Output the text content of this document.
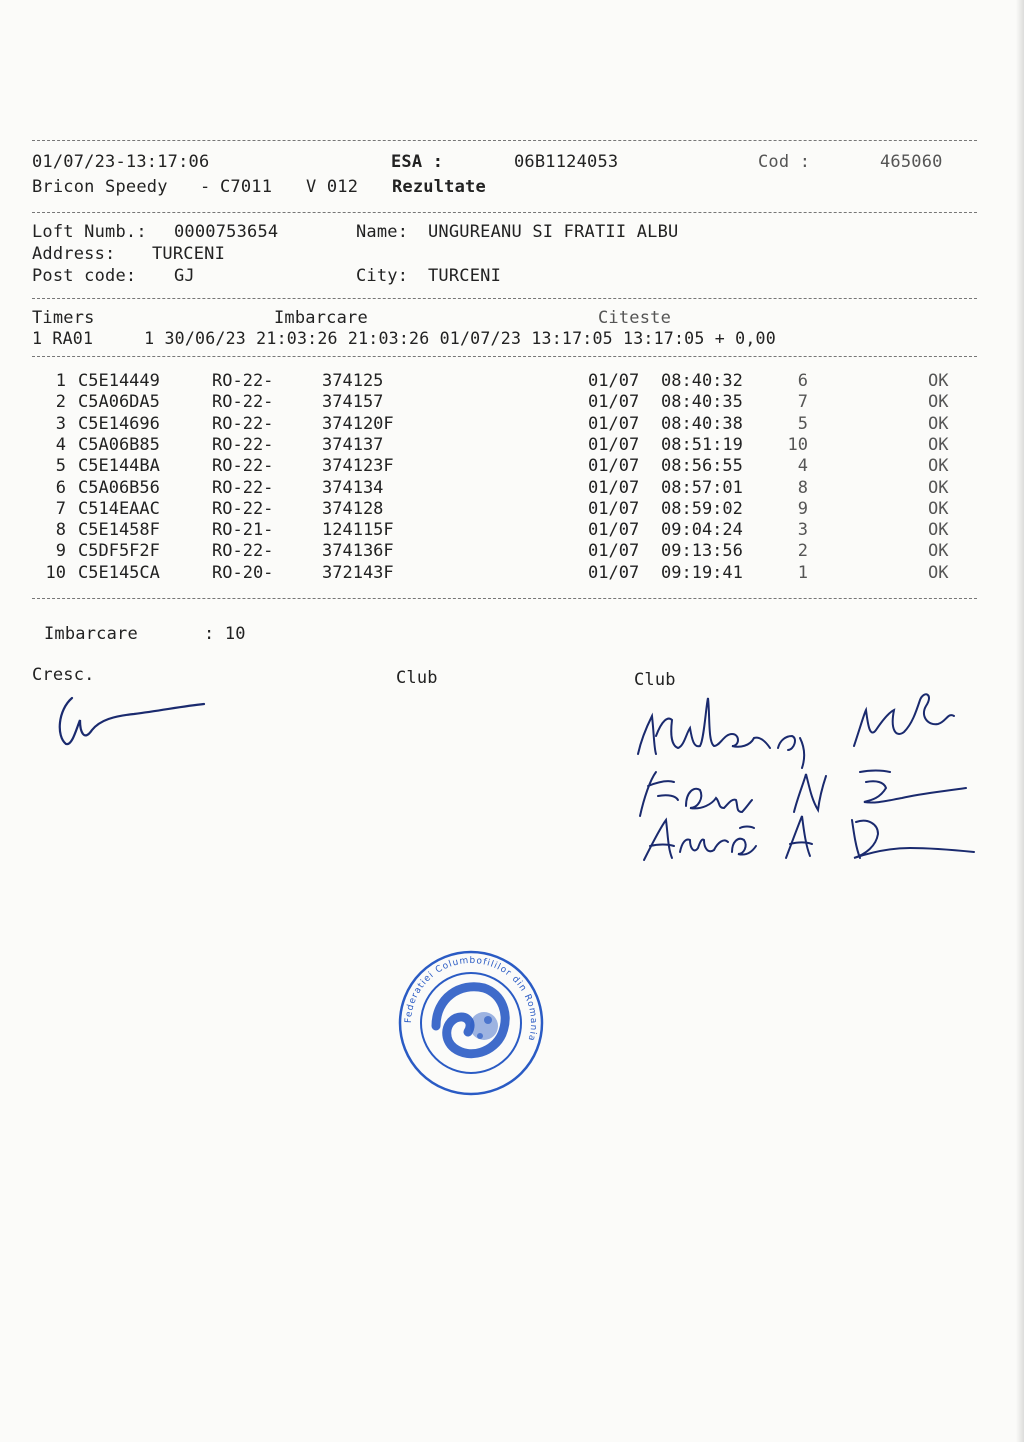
01/07/23-13:17:06	ESA :	06B1124053	Cod :	465060
Bricon Speedy - C7011 V 012 Rezultate
Loft Numb.: 0000753654	Name: UNGUREANU SI FRATII ALBU
Address: TURCENI
Post code: GJ	City: TURCENI
Timers	Imbarcare	Citeste
1 RA01     1 30/06/23 21:03:26 21:03:26 01/07/23 13:17:05 13:17:05 + 0,00
1 C5E14449	RO-22-	374125	01/07 08:40:32	6	OK
2 C5A06DA5	RO-22-	374157	01/07 08:40:35	7	OK
3 C5E14696	RO-22-	374120F	01/07 08:40:38	5	OK
4 C5A06B85	RO-22-	374137	01/07 08:51:19	10	OK
5 C5E144BA	RO-22-	374123F	01/07 08:56:55	4	OK
6 C5A06B56	RO-22-	374134	01/07 08:57:01	8	OK
7 C514EAAC	RO-22-	374128	01/07 08:59:02	9	OK
8 C5E1458F	RO-21-	124115F	01/07 09:04:24	3	OK
9 C5DF5F2F	RO-22-	374136F	01/07 09:13:56	2	OK
10 C5E145CA	RO-20-	372143F	01/07 09:19:41	1	OK
Imbarcare	: 10
Cresc.	Club	Club
Federatiei Columbofililor din Romania
